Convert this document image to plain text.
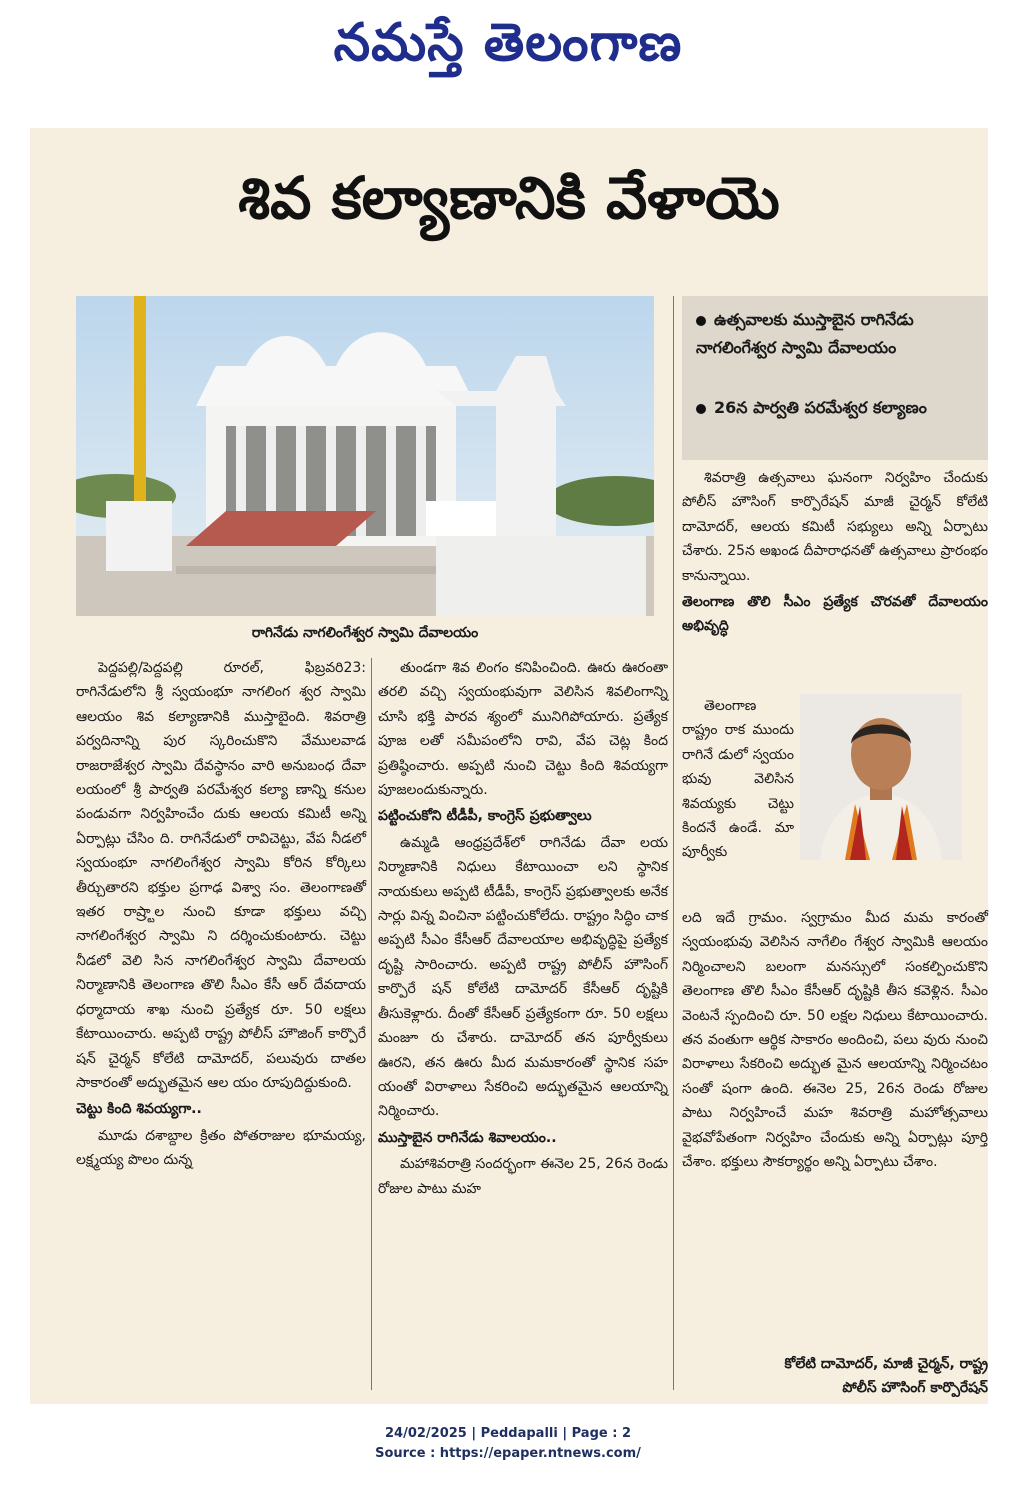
నమస్తే తెలంగాణ
శివ కల్యాణానికి వేళాయె
రాగినేడు నాగలింగేశ్వర స్వామి దేవాలయం
ఉత్సవాలకు ముస్తాబైన రాగినేడు నాగలింగేశ్వర స్వామి దేవాలయం
26న పార్వతి పరమేశ్వర కల్యాణం

పెద్దపల్లి/పెద్దపల్లి రూరల్, ఫిబ్రవరి23: రాగినేడులోని శ్రీ స్వయంభూ నాగలింగ శ్వర స్వామి ఆలయం శివ కల్యాణానికి ముస్తాబైంది. శివరాత్రి పర్వదినాన్ని పుర స్కరించుకొని వేములవాడ రాజరాజేశ్వర స్వామి దేవస్థానం వారి అనుబంధ దేవా లయంలో శ్రీ పార్వతి పరమేశ్వర కల్యా ణాన్ని కనుల పండువగా నిర్వహించేం దుకు ఆలయ కమిటీ అన్ని ఏర్పాట్లు చేసిం ది. రాగినేడులో రావిచెట్టు, వేప నీడలో స్వయంభూ నాగలింగేశ్వర స్వామి కోరిన కోర్కిలు తీర్చుతారని భక్తుల ప్రగాఢ విశ్వా సం. తెలంగాణతో ఇతర రాష్ర్టాల నుంచి కూడా భక్తులు వచ్చి నాగలింగేశ్వర స్వామి ని దర్శించుకుంటారు. చెట్టు నీడలో వెలి సిన నాగలింగేశ్వర స్వామి దేవాలయ నిర్మాణానికి తెలంగాణ తొలి సీఎం కేసీ ఆర్ దేవదాయ ధర్మాదాయ శాఖ నుంచి ప్రత్యేక రూ. 50 లక్షలు కేటాయించారు. అప్పటి రాష్ట్ర పోలీస్ హౌజింగ్ కార్పొరే షన్ చైర్మన్ కోలేటి దామోదర్, పలువురు దాతల సాకారంతో అద్భుతమైన ఆల యం రూపుదిద్దుకుంది.

చెట్టు కింది శివయ్యగా..

మూడు దశాబ్దాల క్రితం పోతరాజుల భూమయ్య, లక్ష్మయ్య పొలం దున్న

తుండగా శివ లింగం కనిపించింది. ఊరు ఊరంతా తరలి వచ్చి స్వయంభువుగా వెలిసిన శివలింగాన్ని చూసి భక్తి పారవ శ్యంలో మునిగిపోయారు. ప్రత్యేక పూజ లతో సమీపంలోని రావి, వేప చెట్ల కింద ప్రతిష్ఠించారు. అప్పటి నుంచి చెట్టు కింది శివయ్యగా పూజలందుకున్నారు.

పట్టించుకోని టీడీపీ, కాంగ్రెస్ ప్రభుత్వాలు

ఉమ్మడి ఆంధ్రప్రదేశ్‌లో రాగినేడు దేవా లయ నిర్మాణానికి నిధులు కేటాయించా లని స్థానిక నాయకులు అప్పటి టీడీపీ, కాంగ్రెస్ ప్రభుత్వాలకు అనేక సార్లు విన్న వించినా పట్టించుకోలేదు. రాష్ట్రం సిద్ధిం చాక అప్పటి సీఎం కేసీఆర్ దేవాలయాల అభివృద్ధిపై ప్రత్యేక దృష్టి సారించారు. అప్పటి రాష్ట్ర పోలీస్ హౌసింగ్ కార్పొరే షన్ కోలేటి దామోదర్ కేసీఆర్ దృష్టికి తీసుకెళ్లారు. దీంతో కేసీఆర్ ప్రత్యేకంగా రూ. 50 లక్షలు మంజూ రు చేశారు. దామోదర్ తన పూర్వీకులు ఊరని, తన ఊరు మీద మమకారంతో స్థానిక సహ యంతో విరాళాలు సేకరించి అద్భుతమైన ఆలయాన్ని నిర్మించారు.

ముస్తాబైన రాగినేడు శివాలయం..

మహాశివరాత్రి సందర్భంగా ఈనెల 25, 26న రెండు రోజుల పాటు మహ

శివరాత్రి ఉత్సవాలు ఘనంగా నిర్వహిం చేందుకు పోలీస్ హౌసింగ్ కార్పొరేషన్ మాజీ చైర్మన్ కోలేటి దామోదర్, ఆలయ కమిటీ సభ్యులు అన్ని ఏర్పాటు చేశారు. 25న అఖండ దీపారాధనతో ఉత్సవాలు ప్రారంభం కానున్నాయి.

తెలంగాణ తొలి సీఎం ప్రత్యేక చొరవతో దేవాలయం అభివృద్ధి

తెలంగాణ రాష్ట్రం రాక ముందు రాగినే డులో స్వయం భువు వెలిసిన శివయ్యకు చెట్టు కిందనే ఉండే. మా పూర్వీకు

లది ఇదే గ్రామం. స్వగ్రామం మీద మమ కారంతో స్వయంభువు వెలిసిన నాగేలిం గేశ్వర స్వామికి ఆలయం నిర్మించాలని బలంగా మనస్సులో సంకల్పించుకొని తెలంగాణ తొలి సీఎం కేసీఆర్ దృష్టికి తీస కవెళ్లిన. సీఎం వెంటనే స్పందించి రూ. 50 లక్షల నిధులు కేటాయించారు. తన వంతుగా ఆర్థిక సాకారం అందించి, పలు వురు నుంచి విరాళాలు సేకరించి అద్భుత మైన ఆలయాన్ని నిర్మించటం సంతో షంగా ఉంది. ఈనెల 25, 26న రెండు రోజుల పాటు నిర్వహించే మహ శివరాత్రి మహోత్సవాలు వైభవోపేతంగా నిర్వహిం చేందుకు అన్ని ఏర్పాట్లు పూర్తి చేశాం. భక్తులు సౌకర్యార్థం అన్ని ఏర్పాటు చేశాం.

కోలేటి దామోదర్, మాజీ చైర్మన్, రాష్ట్ర
పోలీస్ హౌసింగ్ కార్పొరేషన్
24/02/2025 | Peddapalli | Page : 2
Source : https://epaper.ntnews.com/
